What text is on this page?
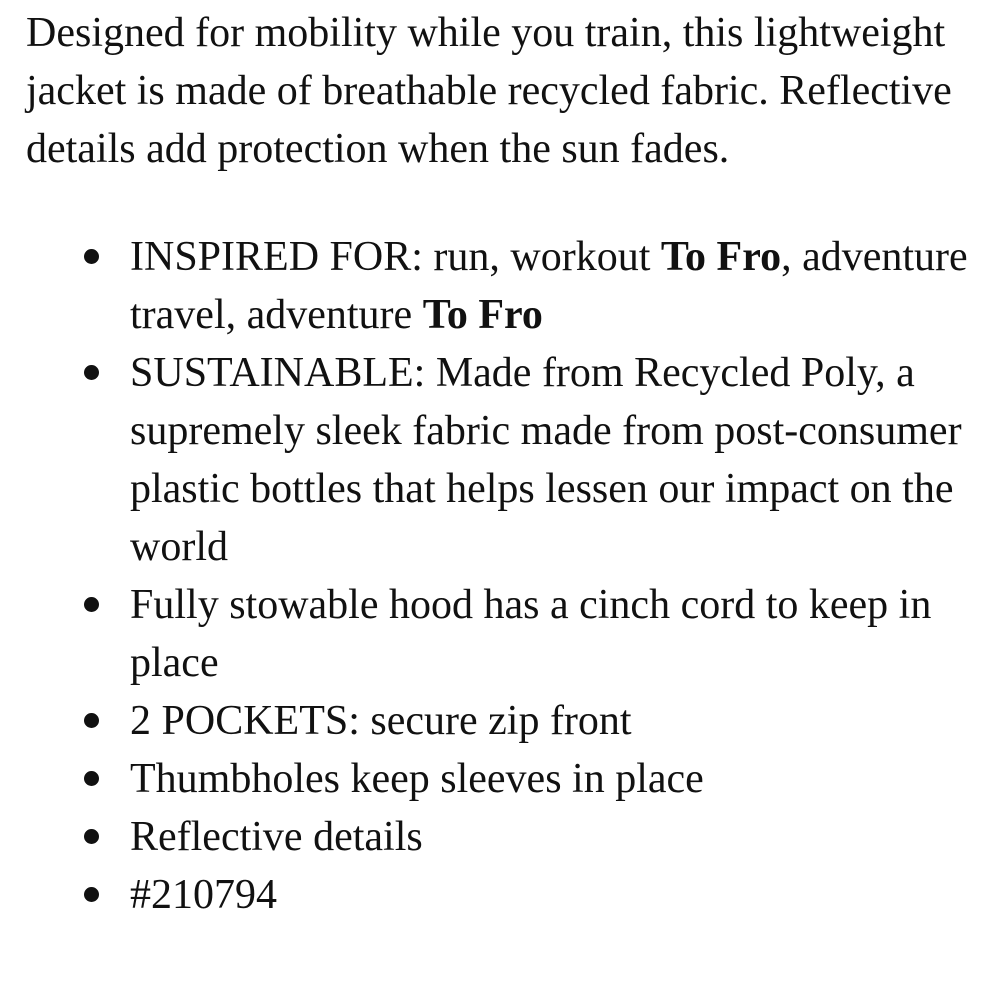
Designed for mobility while you train, this lightweight jacket is made of breathable recycled fabric. Reflective details add protection when the sun fades.

INSPIRED FOR: run, workout To Fro, adventure travel, adventure To Fro
SUSTAINABLE: Made from Recycled Poly, a supremely sleek fabric made from post-consumer plastic bottles that helps lessen our impact on the world
Fully stowable hood has a cinch cord to keep in place
2 POCKETS: secure zip front
Thumbholes keep sleeves in place
Reflective details
#210794
